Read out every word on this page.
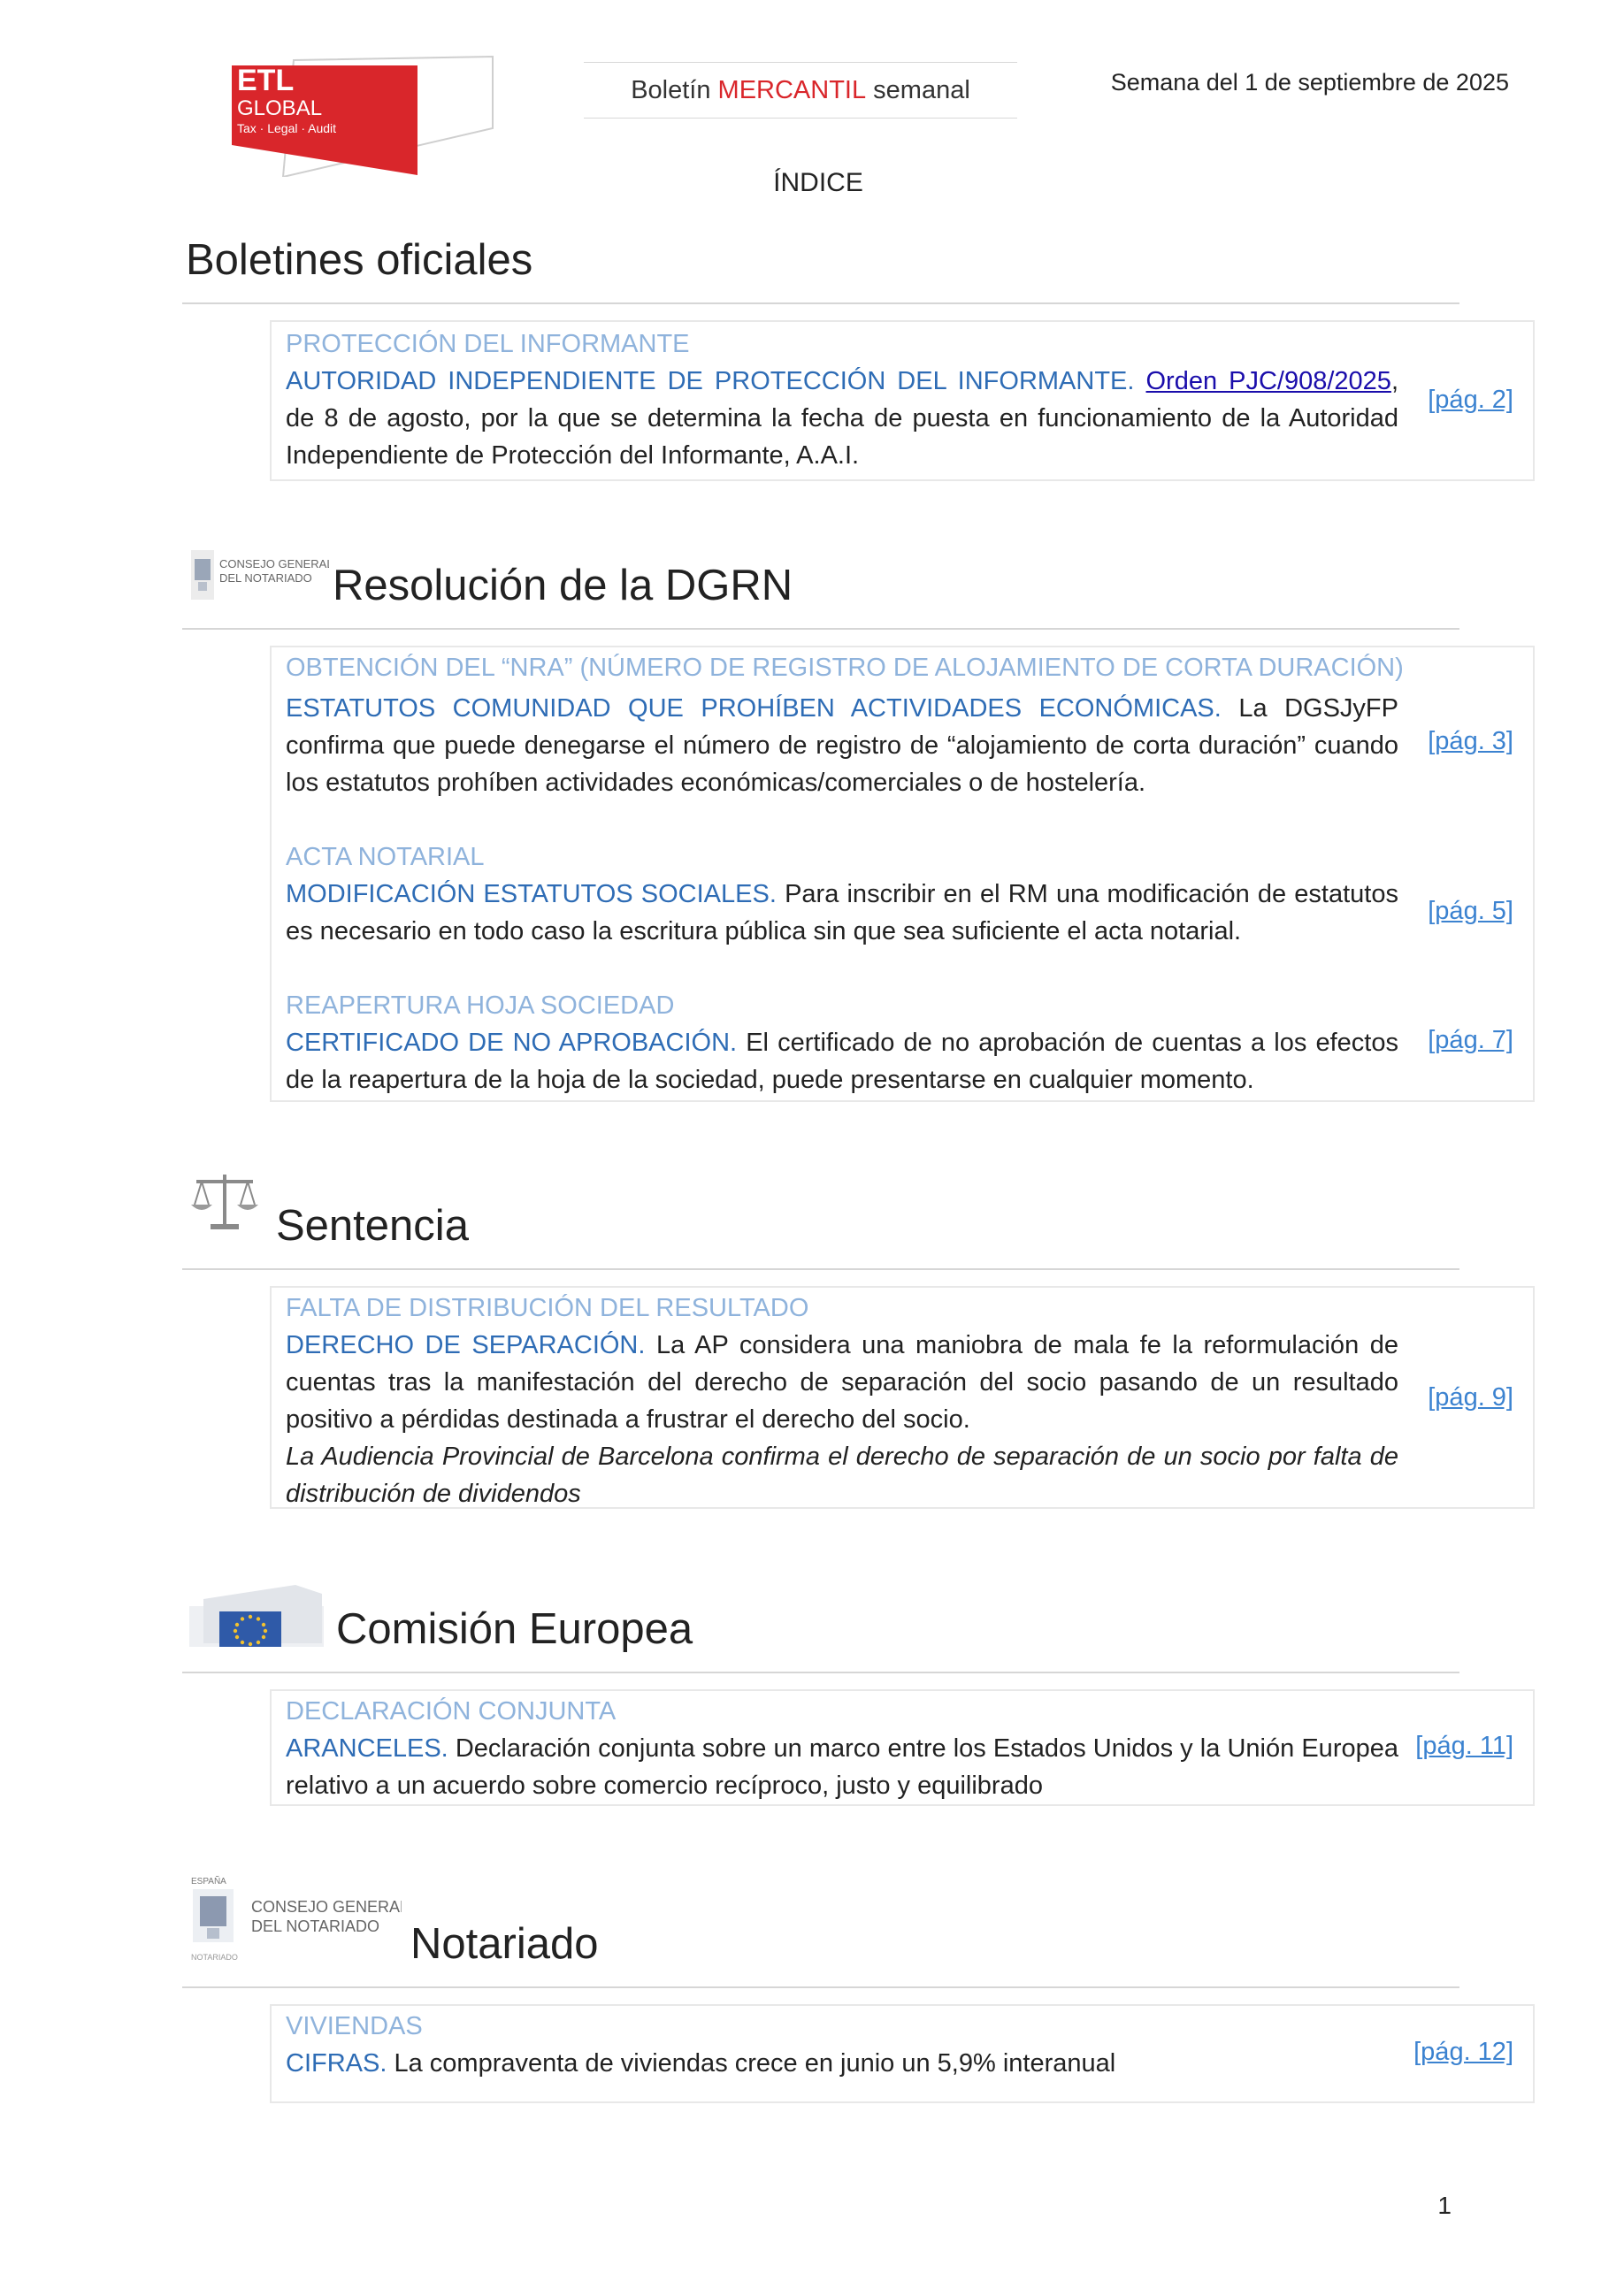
ETL
GLOBAL
Tax · Legal · Audit
Boletín MERCANTIL semanal	Semana del 1 de septiembre de 2025
ÍNDICE
Boletines oficiales
PROTECCIÓN DEL INFORMANTE
AUTORIDAD INDEPENDIENTE DE PROTECCIÓN DEL INFORMANTE. Orden PJC/908/2025, de 8 de agosto, por la que se determina la fecha de puesta en funcionamiento de la Autoridad Independiente de Protección del Informante, A.A.I.
[pág. 2]
CONSEJO GENERAL
DEL NOTARIADO Resolución de la DGRN
OBTENCIÓN DEL “NRA” (NÚMERO DE REGISTRO DE ALOJAMIENTO DE CORTA DURACIÓN)
ESTATUTOS COMUNIDAD QUE PROHÍBEN ACTIVIDADES ECONÓMICAS. La DGSJyFP confirma que puede denegarse el número de registro de “alojamiento de corta duración” cuando los estatutos prohíben actividades económicas/comerciales o de hostelería.
[pág. 3]
ACTA NOTARIAL
MODIFICACIÓN ESTATUTOS SOCIALES. Para inscribir en el RM una modificación de estatutos es necesario en todo caso la escritura pública sin que sea suficiente el acta notarial.
[pág. 5]
REAPERTURA HOJA SOCIEDAD
CERTIFICADO DE NO APROBACIÓN. El certificado de no aprobación de cuentas a los efectos de la reapertura de la hoja de la sociedad, puede presentarse en cualquier momento.
[pág. 7]
Sentencia
FALTA DE DISTRIBUCIÓN DEL RESULTADO
DERECHO DE SEPARACIÓN. La AP considera una maniobra de mala fe la reformulación de cuentas tras la manifestación del derecho de separación del socio pasando de un resultado positivo a pérdidas destinada a frustrar el derecho del socio.
La Audiencia Provincial de Barcelona confirma el derecho de separación de un socio por falta de distribución de dividendos
[pág. 9]
Comisión Europea
DECLARACIÓN CONJUNTA
ARANCELES. Declaración conjunta sobre un marco entre los Estados Unidos y la Unión Europea relativo a un acuerdo sobre comercio recíproco, justo y equilibrado
[pág. 11]
ESPAÑA
NOTARIADO
CONSEJO GENERAL
DEL NOTARIADO Notariado
VIVIENDAS
CIFRAS. La compraventa de viviendas crece en junio un 5,9% interanual	[pág. 12]
1
